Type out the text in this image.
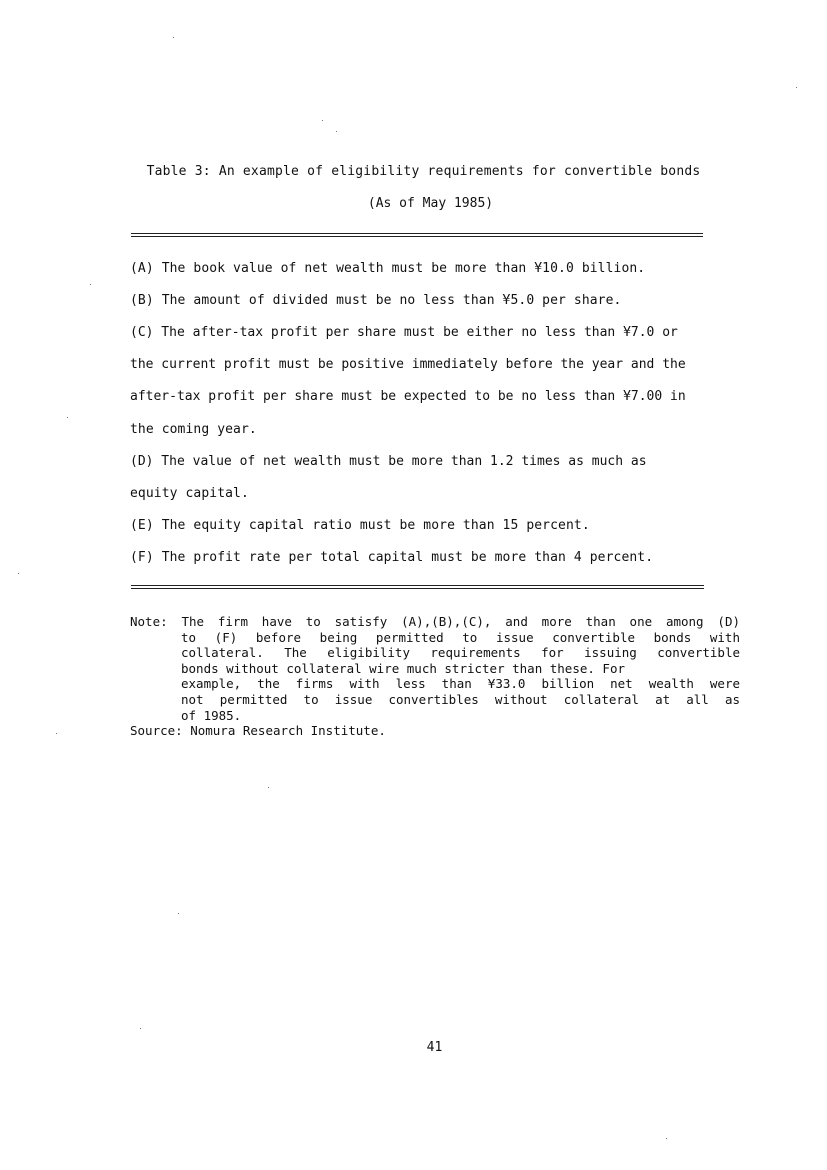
Table 3: An example of eligibility requirements for convertible bonds
(As of May 1985)
(A) The book value of net wealth must be more than ¥10.0 billion.
(B) The amount of divided must be no less than ¥5.0 per share.
(C) The after-tax profit per share must be either no less than ¥7.0 or
the current profit must be positive immediately before the year and the
after-tax profit per share must be expected to be no less than ¥7.00 in
the coming year.
(D) The value of net wealth must be more than 1.2 times as much as
equity capital.
(E) The equity capital ratio must be more than 15 percent.
(F) The profit rate per total capital must be more than 4 percent.
Note: The firm have to satisfy (A),(B),(C), and more than one among (D)
to (F) before being permitted to issue convertible bonds with
collateral. The eligibility requirements for issuing convertible
bonds without collateral wire much stricter than these. For
example, the firms with less than ¥33.0 billion net wealth were
not permitted to issue convertibles without collateral at all as
of 1985.
Source: Nomura Research Institute.
41
